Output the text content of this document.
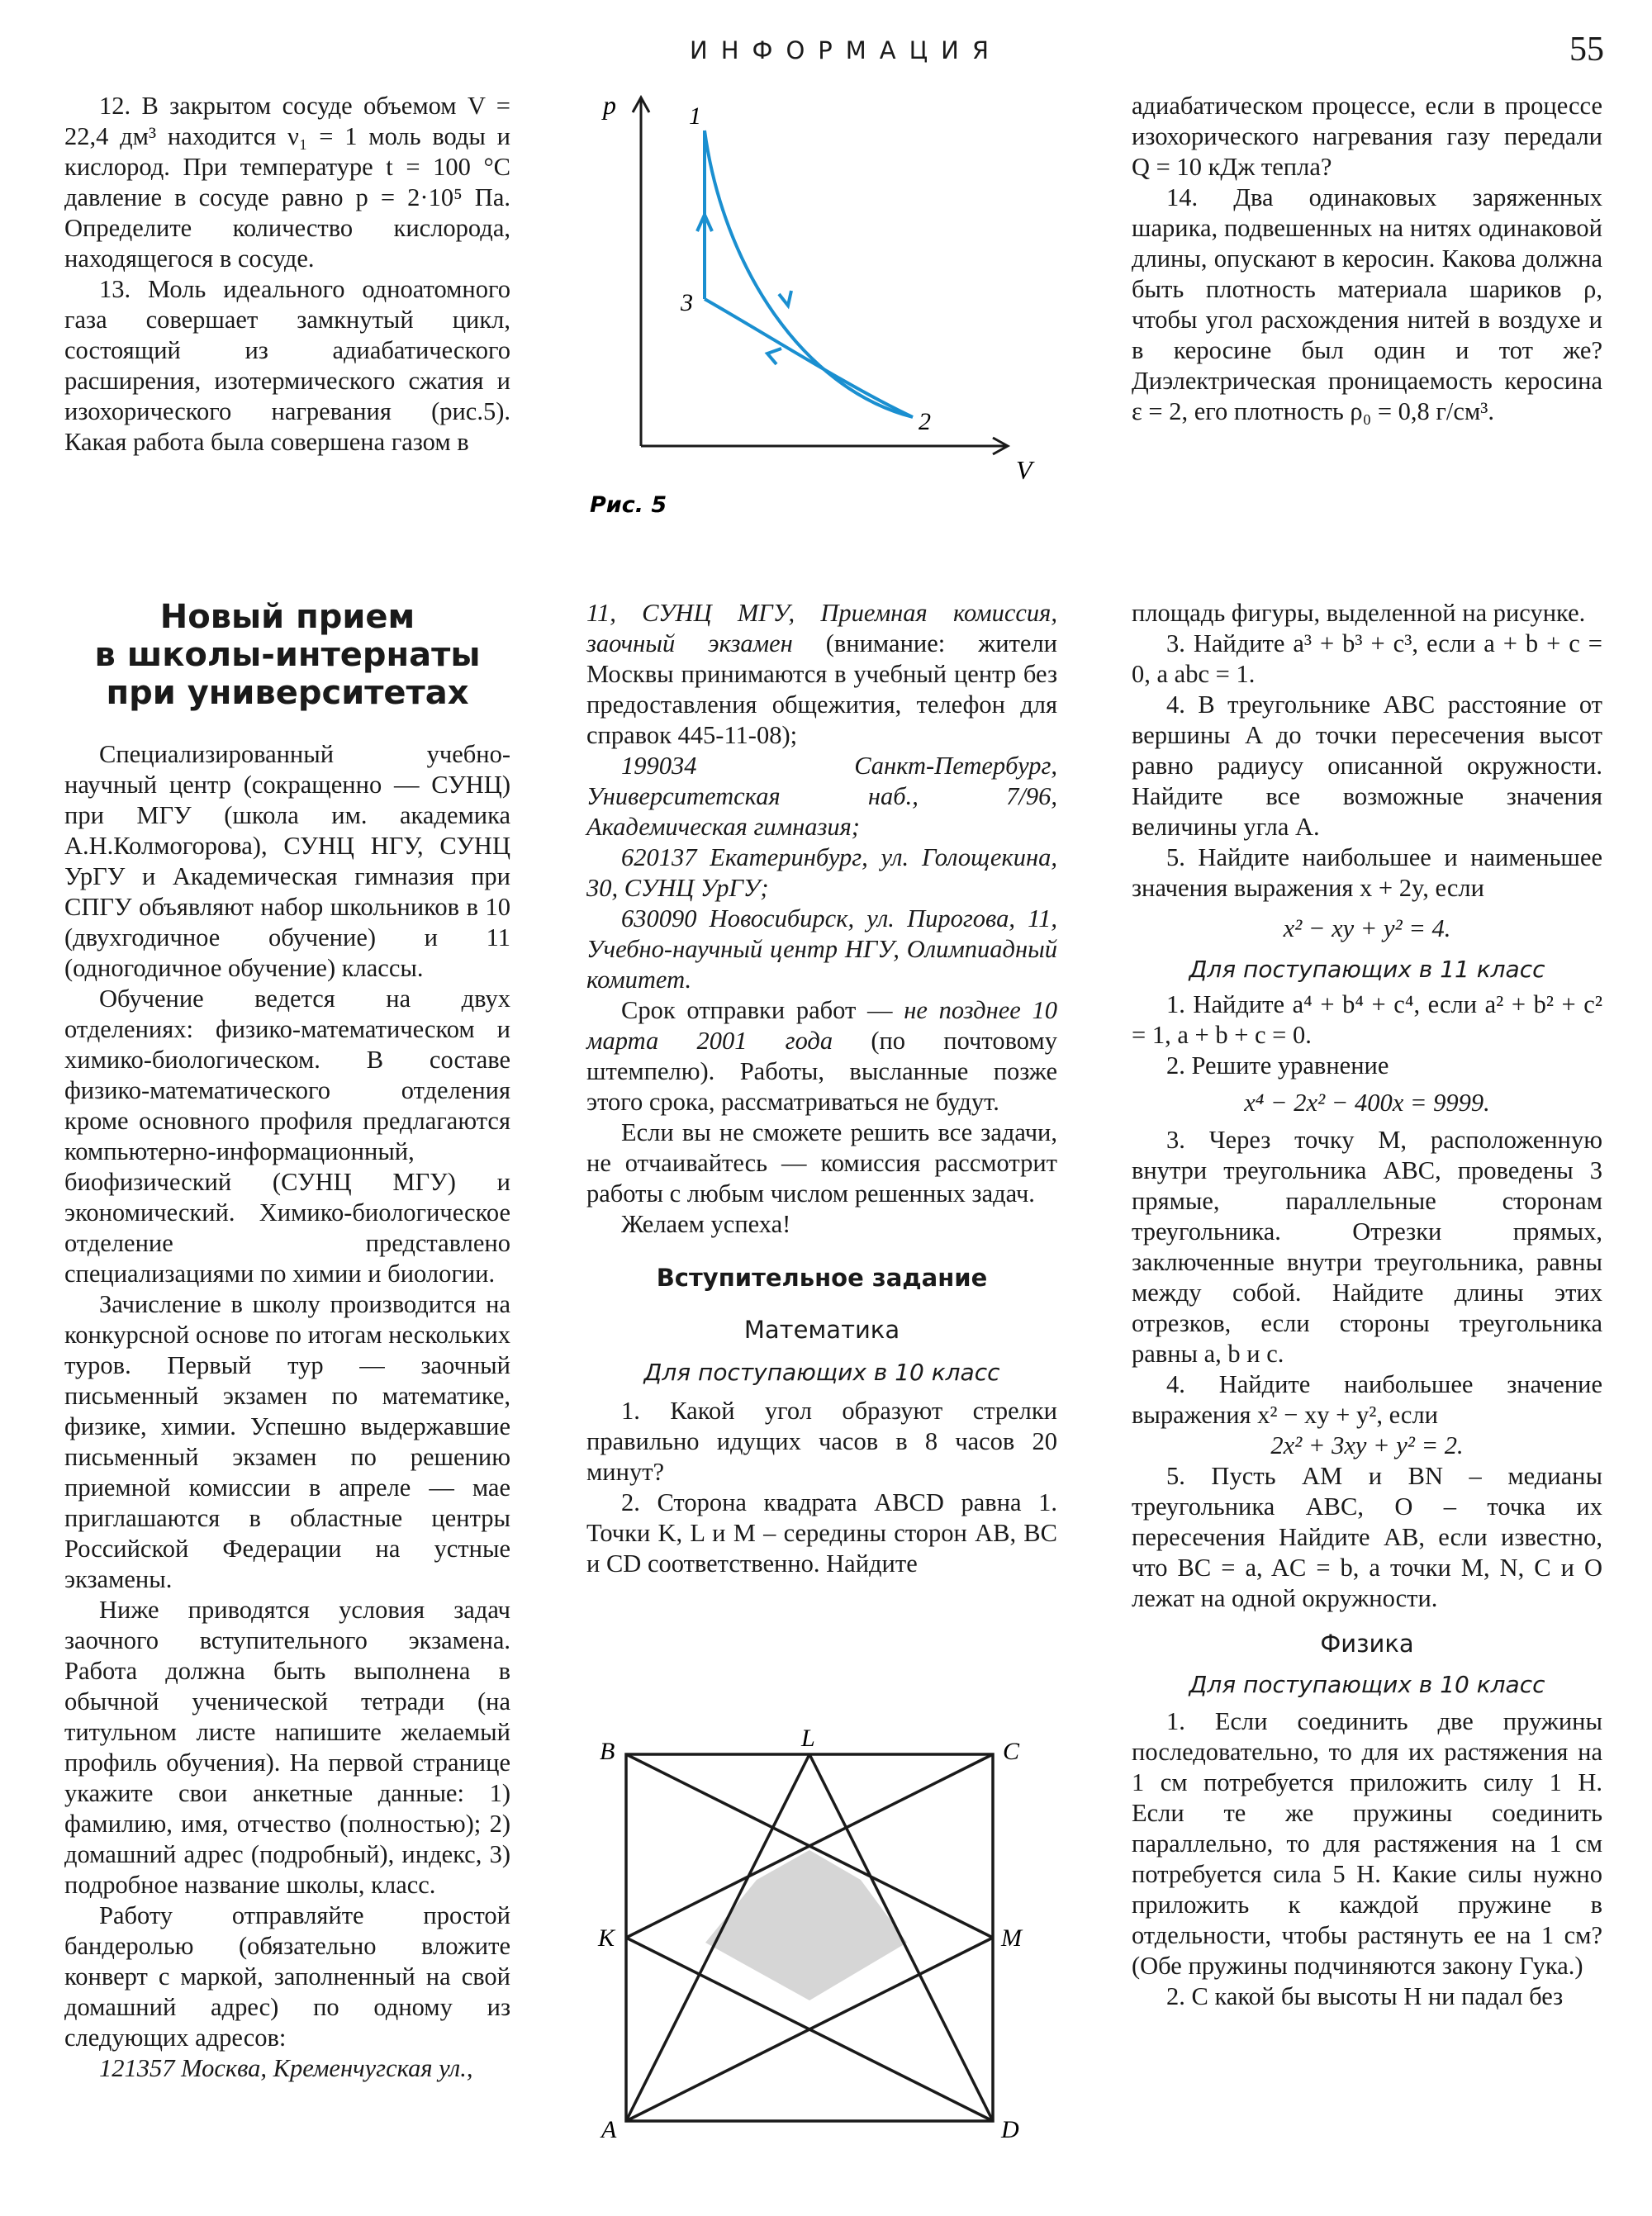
ИНФОРМАЦИЯ	55

12. В закрытом сосуде объемом V = 22,4 дм³ находится ν₁ = 1 моль воды и кислород. При температуре t = 100 °С давление в сосуде равно p = 2·10⁵ Па. Определите количество кислорода, находящегося в сосуде.

13. Моль идеального одноатомного газа совершает замкнутый цикл, состоящий из адиабатического расширения, изотермического сжатия и изохорического нагревания (рис.5). Какая работа была совершена газом в

p
V
1
2
3
Рис. 5

адиабатическом процессе, если в процессе изохорического нагревания газу передали Q = 10 кДж тепла?

14. Два одинаковых заряженных шарика, подвешенных на нитях одинаковой длины, опускают в керосин. Какова должна быть плотность материала шариков ρ, чтобы угол расхождения нитей в воздухе и в керосине был один и тот же? Диэлектрическая проницаемость керосина ε = 2, его плотность ρ₀ = 0,8 г/см³.

Новый прием
в школы-интернаты
при университетах

Специализированный учебно-научный центр (сокращенно — СУНЦ) при МГУ (школа им. академика А.Н.Колмогорова), СУНЦ НГУ, СУНЦ УрГУ и Академическая гимназия при СПГУ объявляют набор школьников в 10 (двухгодичное обучение) и 11 (одногодичное обучение) классы.

Обучение ведется на двух отделениях: физико-математическом и химико-биологическом. В составе физико-математического отделения кроме основного профиля предлагаются компьютерно-информационный, биофизический (СУНЦ МГУ) и экономический. Химико-биологическое отделение представлено специализациями по химии и биологии.

Зачисление в школу производится на конкурсной основе по итогам нескольких туров. Первый тур — заочный письменный экзамен по математике, физике, химии. Успешно выдержавшие письменный экзамен по решению приемной комиссии в апреле — мае приглашаются в областные центры Российской Федерации на устные экзамены.

Ниже приводятся условия задач заочного вступительного экзамена. Работа должна быть выполнена в обычной ученической тетради (на титульном листе напишите желаемый профиль обучения). На первой странице укажите свои анкетные данные: 1) фамилию, имя, отчество (полностью); 2) домашний адрес (подробный), индекс, 3) подробное название школы, класс.

Работу отправляйте простой бандеролью (обязательно вложите конверт с маркой, заполненный на свой домашний адрес) по одному из следующих адресов:

121357 Москва, Кременчугская ул.,

11, СУНЦ МГУ, Приемная комиссия, заочный экзамен (внимание: жители Москвы принимаются в учебный центр без предоставления общежития, телефон для справок 445-11-08);

199034 Санкт-Петербург, Университетская наб., 7/96, Академическая гимназия;

620137 Екатеринбург, ул. Голощекина, 30, СУНЦ УрГУ;

630090 Новосибирск, ул. Пирогова, 11, Учебно-научный центр НГУ, Олимпиадный комитет.

Срок отправки работ — не позднее 10 марта 2001 года (по почтовому штемпелю). Работы, высланные позже этого срока, рассматриваться не будут.

Если вы не сможете решить все задачи, не отчаивайтесь — комиссия рассмотрит работы с любым числом решенных задач.

Желаем успеха!

Вступительное задание
Математика
Для поступающих в 10 класс

1. Какой угол образуют стрелки правильно идущих часов в 8 часов 20 минут?

2. Сторона квадрата ABCD равна 1. Точки K, L и M – середины сторон AB, BC и CD соответственно. Найдите

B	C
L
K	M
A	D

площадь фигуры, выделенной на рисунке.

3. Найдите a³ + b³ + c³, если a + b + c = 0, а abc = 1.

4. В треугольнике ABC расстояние от вершины A до точки пересечения высот равно радиусу описанной окружности. Найдите все возможные значения величины угла A.

5. Найдите наибольшее и наименьшее значения выражения x + 2y, если

x² − xy + y² = 4.

Для поступающих в 11 класс

1. Найдите a⁴ + b⁴ + c⁴, если a² + b² + c² = 1, a + b + c = 0.

2. Решите уравнение

x⁴ − 2x² − 400x = 9999.

3. Через точку M, расположенную внутри треугольника ABC, проведены 3 прямые, параллельные сторонам треугольника. Отрезки прямых, заключенные внутри треугольника, равны между собой. Найдите длины этих отрезков, если стороны треугольника равны a, b и c.

4. Найдите наибольшее значение выражения x² − xy + y², если

2x² + 3xy + y² = 2.

5. Пусть AM и BN – медианы треугольника ABC, O – точка их пересечения Найдите AB, если известно, что BC = a, AC = b, а точки M, N, C и O лежат на одной окружности.

Физика
Для поступающих в 10 класс

1. Если соединить две пружины последовательно, то для их растяжения на 1 см потребуется приложить силу 1 Н. Если те же пружины соединить параллельно, то для растяжения на 1 см потребуется сила 5 Н. Какие силы нужно приложить к каждой пружине в отдельности, чтобы растянуть ее на 1 см? (Обе пружины подчиняются закону Гука.)

2. С какой бы высоты H ни падал без
